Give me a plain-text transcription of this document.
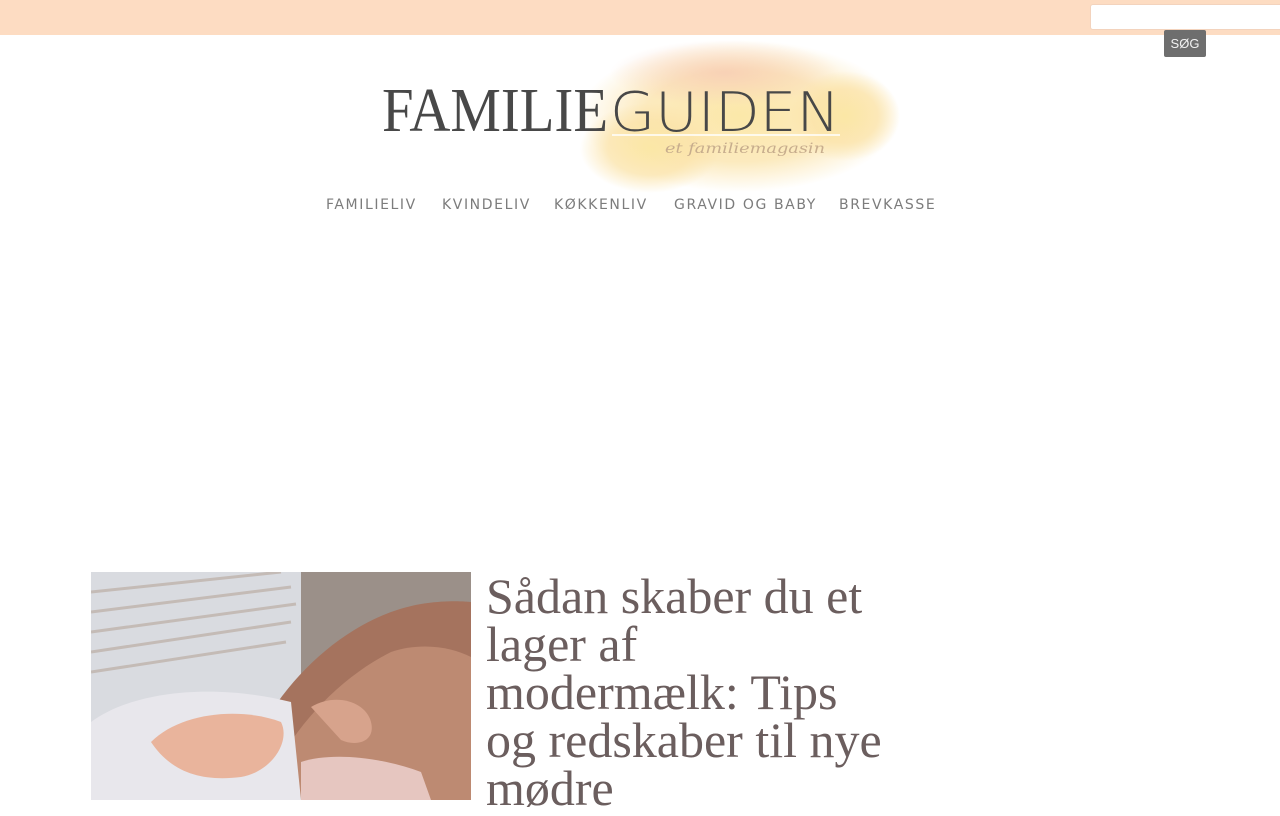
SØG
FAMILIE GUIDEN
et familiemagasin
FAMILIELIV KVINDELIV KØKKENLIV GRAVID OG BABY BREVKASSE
Sådan skaber du et lager af modermælk: Tips og redskaber til nye mødre
